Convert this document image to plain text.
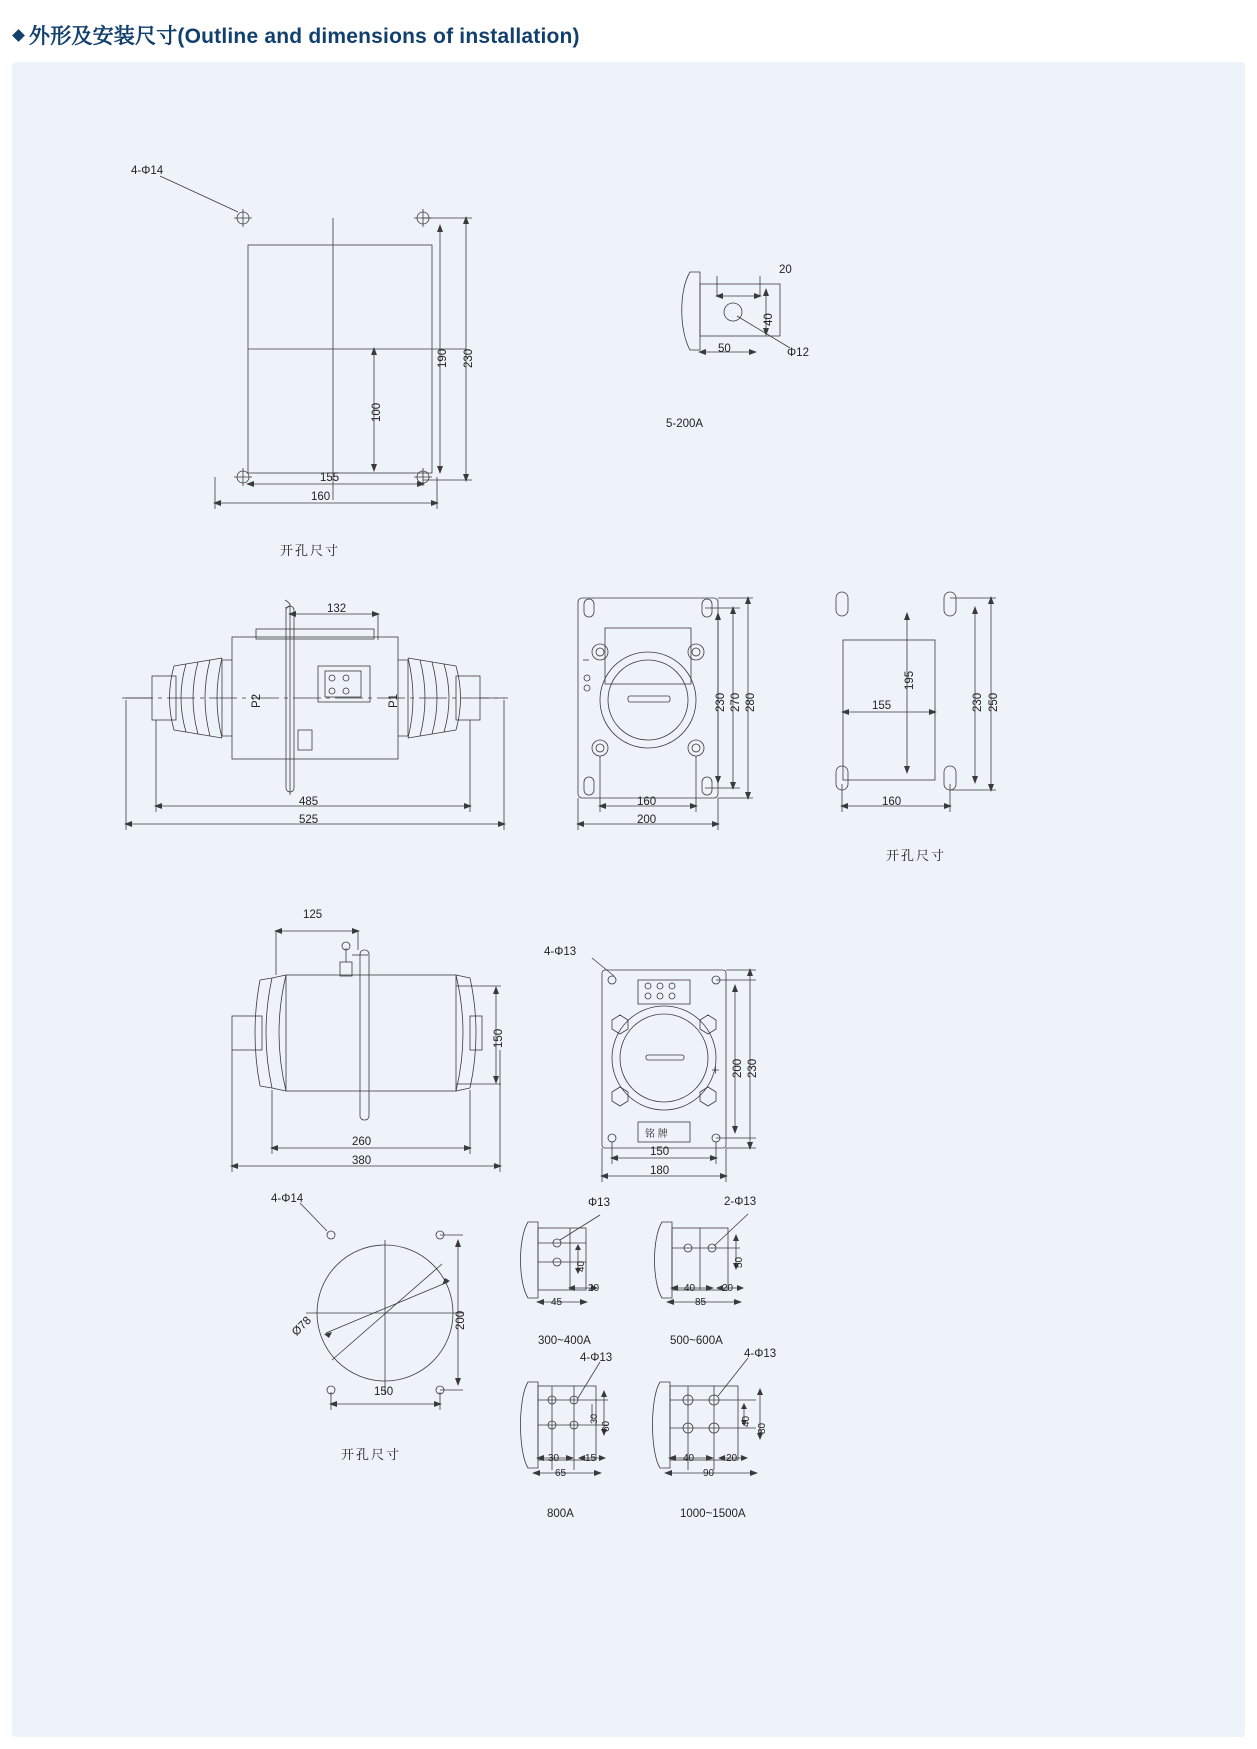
外形及安装尺寸(Outline and dimensions of installation)
4-Φ14
190 230
100
155
160
开孔尺寸
20
40
50	Φ12
5-200A
132
P1
P2
485
525
230 270 280
160
200
195
230 250
155
160
开孔尺寸
125
150
260
380
4-Φ13
200 230
150
180
铭 牌
4-Φ14
200
Ø78
150
开孔尺寸
Φ13
40
20
45
300~400A
2-Φ13
50
40	20
85
500~600A
4-Φ13
30
60
30	15
65
800A
4-Φ13
40
80
40	20
90
1000~1500A
